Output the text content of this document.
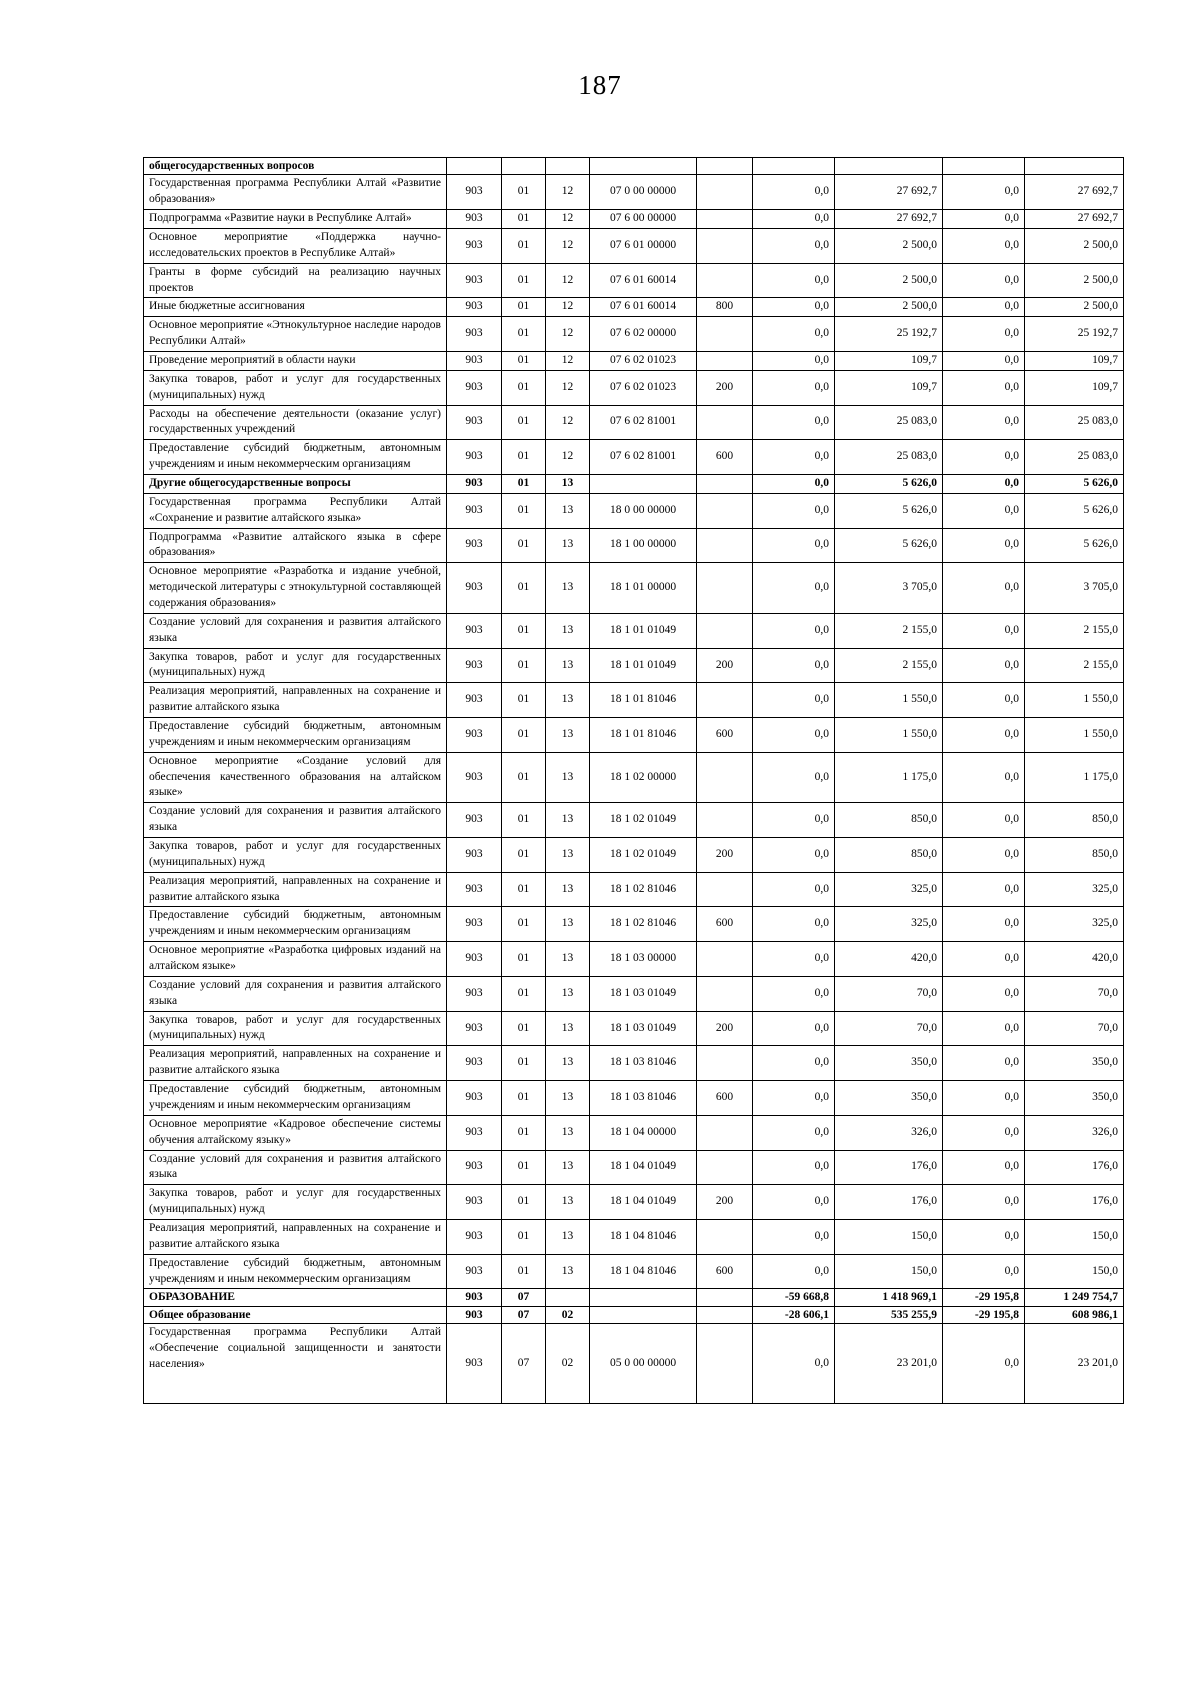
187
общегосударственных вопросов									
Государственная программа Республики Алтай «Развитие образования»	903	01	12	07 0 00 00000		0,0	27 692,7	0,0	27 692,7
Подпрограмма «Развитие науки в Республике Алтай»	903	01	12	07 6 00 00000		0,0	27 692,7	0,0	27 692,7
Основное мероприятие «Поддержка научно-исследовательских проектов в Республике Алтай»	903	01	12	07 6 01 00000		0,0	2 500,0	0,0	2 500,0
Гранты в форме субсидий на реализацию научных проектов	903	01	12	07 6 01 60014		0,0	2 500,0	0,0	2 500,0
Иные бюджетные ассигнования	903	01	12	07 6 01 60014	800	0,0	2 500,0	0,0	2 500,0
Основное мероприятие «Этнокультурное наследие народов Республики Алтай»	903	01	12	07 6 02 00000		0,0	25 192,7	0,0	25 192,7
Проведение мероприятий в области науки	903	01	12	07 6 02 01023		0,0	109,7	0,0	109,7
Закупка товаров, работ и услуг для государственных (муниципальных) нужд	903	01	12	07 6 02 01023	200	0,0	109,7	0,0	109,7
Расходы на обеспечение деятельности (оказание услуг) государственных учреждений	903	01	12	07 6 02 81001		0,0	25 083,0	0,0	25 083,0
Предоставление субсидий бюджетным, автономным учреждениям и иным некоммерческим организациям	903	01	12	07 6 02 81001	600	0,0	25 083,0	0,0	25 083,0
Другие общегосударственные вопросы	903	01	13			0,0	5 626,0	0,0	5 626,0
Государственная программа Республики Алтай «Сохранение и развитие алтайского языка»	903	01	13	18 0 00 00000		0,0	5 626,0	0,0	5 626,0
Подпрограмма «Развитие алтайского языка в сфере образования»	903	01	13	18 1 00 00000		0,0	5 626,0	0,0	5 626,0
Основное мероприятие «Разработка и издание учебной, методической литературы с этнокультурной составляющей содержания образования»	903	01	13	18 1 01 00000		0,0	3 705,0	0,0	3 705,0
Создание условий для сохранения и развития алтайского языка	903	01	13	18 1 01 01049		0,0	2 155,0	0,0	2 155,0
Закупка товаров, работ и услуг для государственных (муниципальных) нужд	903	01	13	18 1 01 01049	200	0,0	2 155,0	0,0	2 155,0
Реализация мероприятий, направленных на сохранение и развитие алтайского языка	903	01	13	18 1 01 81046		0,0	1 550,0	0,0	1 550,0
Предоставление субсидий бюджетным, автономным учреждениям и иным некоммерческим организациям	903	01	13	18 1 01 81046	600	0,0	1 550,0	0,0	1 550,0
Основное мероприятие «Создание условий для обеспечения качественного образования на алтайском языке»	903	01	13	18 1 02 00000		0,0	1 175,0	0,0	1 175,0
Создание условий для сохранения и развития алтайского языка	903	01	13	18 1 02 01049		0,0	850,0	0,0	850,0
Закупка товаров, работ и услуг для государственных (муниципальных) нужд	903	01	13	18 1 02 01049	200	0,0	850,0	0,0	850,0
Реализация мероприятий, направленных на сохранение и развитие алтайского языка	903	01	13	18 1 02 81046		0,0	325,0	0,0	325,0
Предоставление субсидий бюджетным, автономным учреждениям и иным некоммерческим организациям	903	01	13	18 1 02 81046	600	0,0	325,0	0,0	325,0
Основное мероприятие «Разработка цифровых изданий на алтайском языке»	903	01	13	18 1 03 00000		0,0	420,0	0,0	420,0
Создание условий для сохранения и развития алтайского языка	903	01	13	18 1 03 01049		0,0	70,0	0,0	70,0
Закупка товаров, работ и услуг для государственных (муниципальных) нужд	903	01	13	18 1 03 01049	200	0,0	70,0	0,0	70,0
Реализация мероприятий, направленных на сохранение и развитие алтайского языка	903	01	13	18 1 03 81046		0,0	350,0	0,0	350,0
Предоставление субсидий бюджетным, автономным учреждениям и иным некоммерческим организациям	903	01	13	18 1 03 81046	600	0,0	350,0	0,0	350,0
Основное мероприятие «Кадровое обеспечение системы обучения алтайскому языку»	903	01	13	18 1 04 00000		0,0	326,0	0,0	326,0
Создание условий для сохранения и развития алтайского языка	903	01	13	18 1 04 01049		0,0	176,0	0,0	176,0
Закупка товаров, работ и услуг для государственных (муниципальных) нужд	903	01	13	18 1 04 01049	200	0,0	176,0	0,0	176,0
Реализация мероприятий, направленных на сохранение и развитие алтайского языка	903	01	13	18 1 04 81046		0,0	150,0	0,0	150,0
Предоставление субсидий бюджетным, автономным учреждениям и иным некоммерческим организациям	903	01	13	18 1 04 81046	600	0,0	150,0	0,0	150,0
ОБРАЗОВАНИЕ	903	07				-59 668,8	1 418 969,1	-29 195,8	1 249 754,7
Общее образование	903	07	02			-28 606,1	535 255,9	-29 195,8	608 986,1
Государственная программа Республики Алтай «Обеспечение социальной защищенности и занятости населения»	903	07	02	05 0 00 00000		0,0	23 201,0	0,0	23 201,0
